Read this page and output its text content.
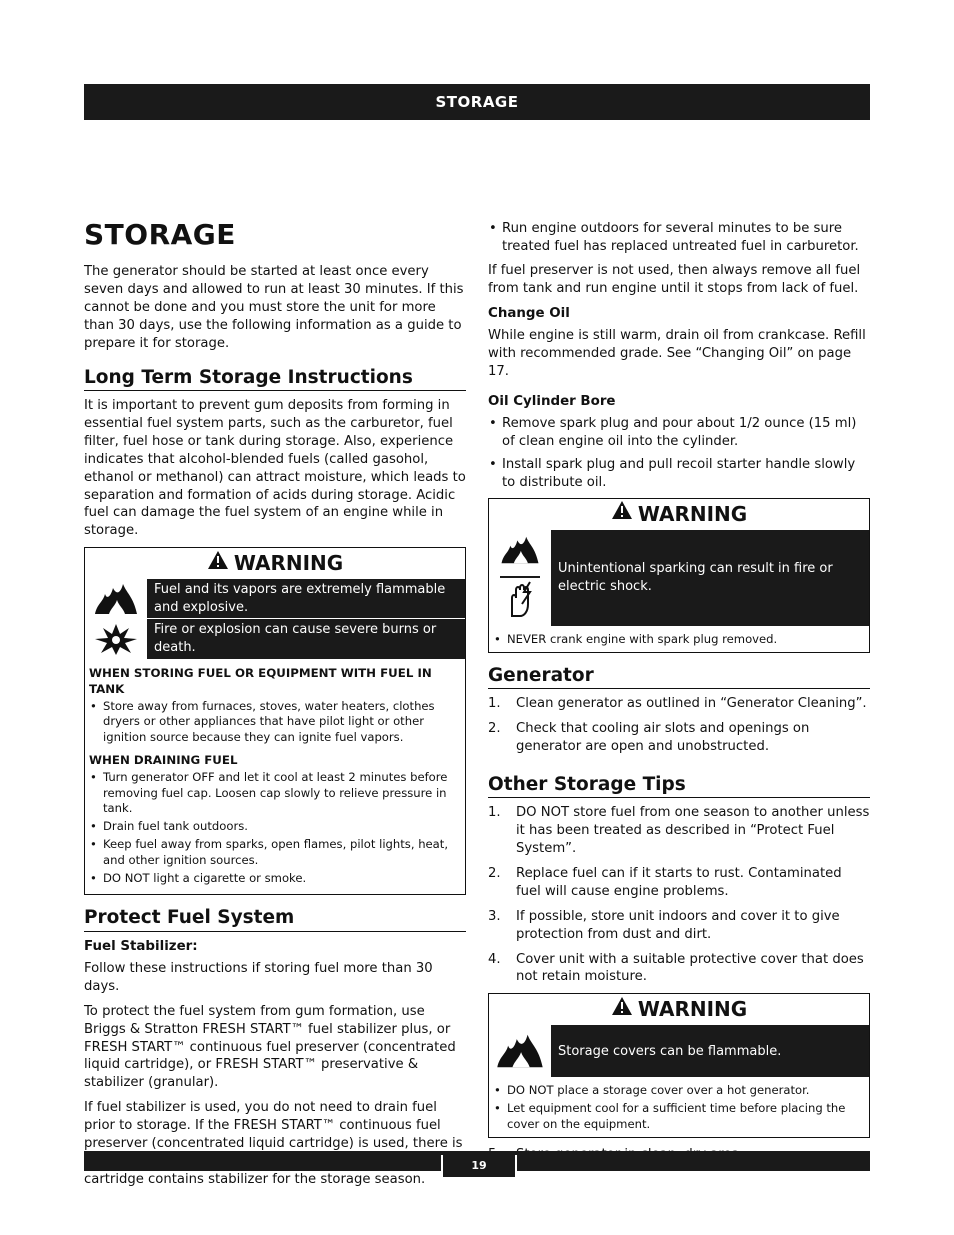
STORAGE
STORAGE

The generator should be started at least once every seven days and allowed to run at least 30 minutes. If this cannot be done and you must store the unit for more than 30 days, use the following information as a guide to prepare it for storage.

Long Term Storage Instructions

It is important to prevent gum deposits from forming in essential fuel system parts, such as the carburetor, fuel filter, fuel hose or tank during storage. Also, experience indicates that alcohol-blended fuels (called gasohol, ethanol or methanol) can attract moisture, which leads to separation and formation of acids during storage. Acidic fuel can damage the fuel system of an engine while in storage.

WARNING
Fuel and its vapors are extremely flammable and explosive.
Fire or explosion can cause severe burns or death.
WHEN STORING FUEL OR EQUIPMENT WITH FUEL IN TANK
• Store away from furnaces, stoves, water heaters, clothes dryers or other appliances that have pilot light or other ignition source because they can ignite fuel vapors.
WHEN DRAINING FUEL
• Turn generator OFF and let it cool at least 2 minutes before removing fuel cap. Loosen cap slowly to relieve pressure in tank.
• Drain fuel tank outdoors.
• Keep fuel away from sparks, open flames, pilot lights, heat, and other ignition sources.
• DO NOT light a cigarette or smoke.
Protect Fuel System
Fuel Stabilizer:

Follow these instructions if storing fuel more than 30 days.

To protect the fuel system from gum formation, use Briggs & Stratton FRESH START™ fuel stabilizer plus, or FRESH START™ continuous fuel preserver (concentrated liquid cartridge), or FRESH START™ preservative & stabilizer (granular).

If fuel stabilizer is used, you do not need to drain fuel prior to storage. If the FRESH START™ continuous fuel preserver (concentrated liquid cartridge) is used, there is cartridge contains stabilizer for the storage season.

• Run engine outdoors for several minutes to be sure treated fuel has replaced untreated fuel in carburetor.

If fuel preserver is not used, then always remove all fuel from tank and run engine until it stops from lack of fuel.

Change Oil

While engine is still warm, drain oil from crankcase. Refill with recommended grade. See “Changing Oil” on page 17.

Oil Cylinder Bore
• Remove spark plug and pour about 1/2 ounce (15 ml) of clean engine oil into the cylinder.
• Install spark plug and pull recoil starter handle slowly to distribute oil.
WARNING
Unintentional sparking can result in fire or electric shock.
• NEVER crank engine with spark plug removed.
Generator
1. Clean generator as outlined in “Generator Cleaning”.
2. Check that cooling air slots and openings on generator are open and unobstructed.
Other Storage Tips
1. DO NOT store fuel from one season to another unless it has been treated as described in “Protect Fuel System”.
2. Replace fuel can if it starts to rust. Contaminated fuel will cause engine problems.
3. If possible, store unit indoors and cover it to give protection from dust and dirt.
4. Cover unit with a suitable protective cover that does not retain moisture.
WARNING
Storage covers can be flammable.
• DO NOT place a storage cover over a hot generator.
• Let equipment cool for a sufficient time before placing the cover on the equipment.
19
